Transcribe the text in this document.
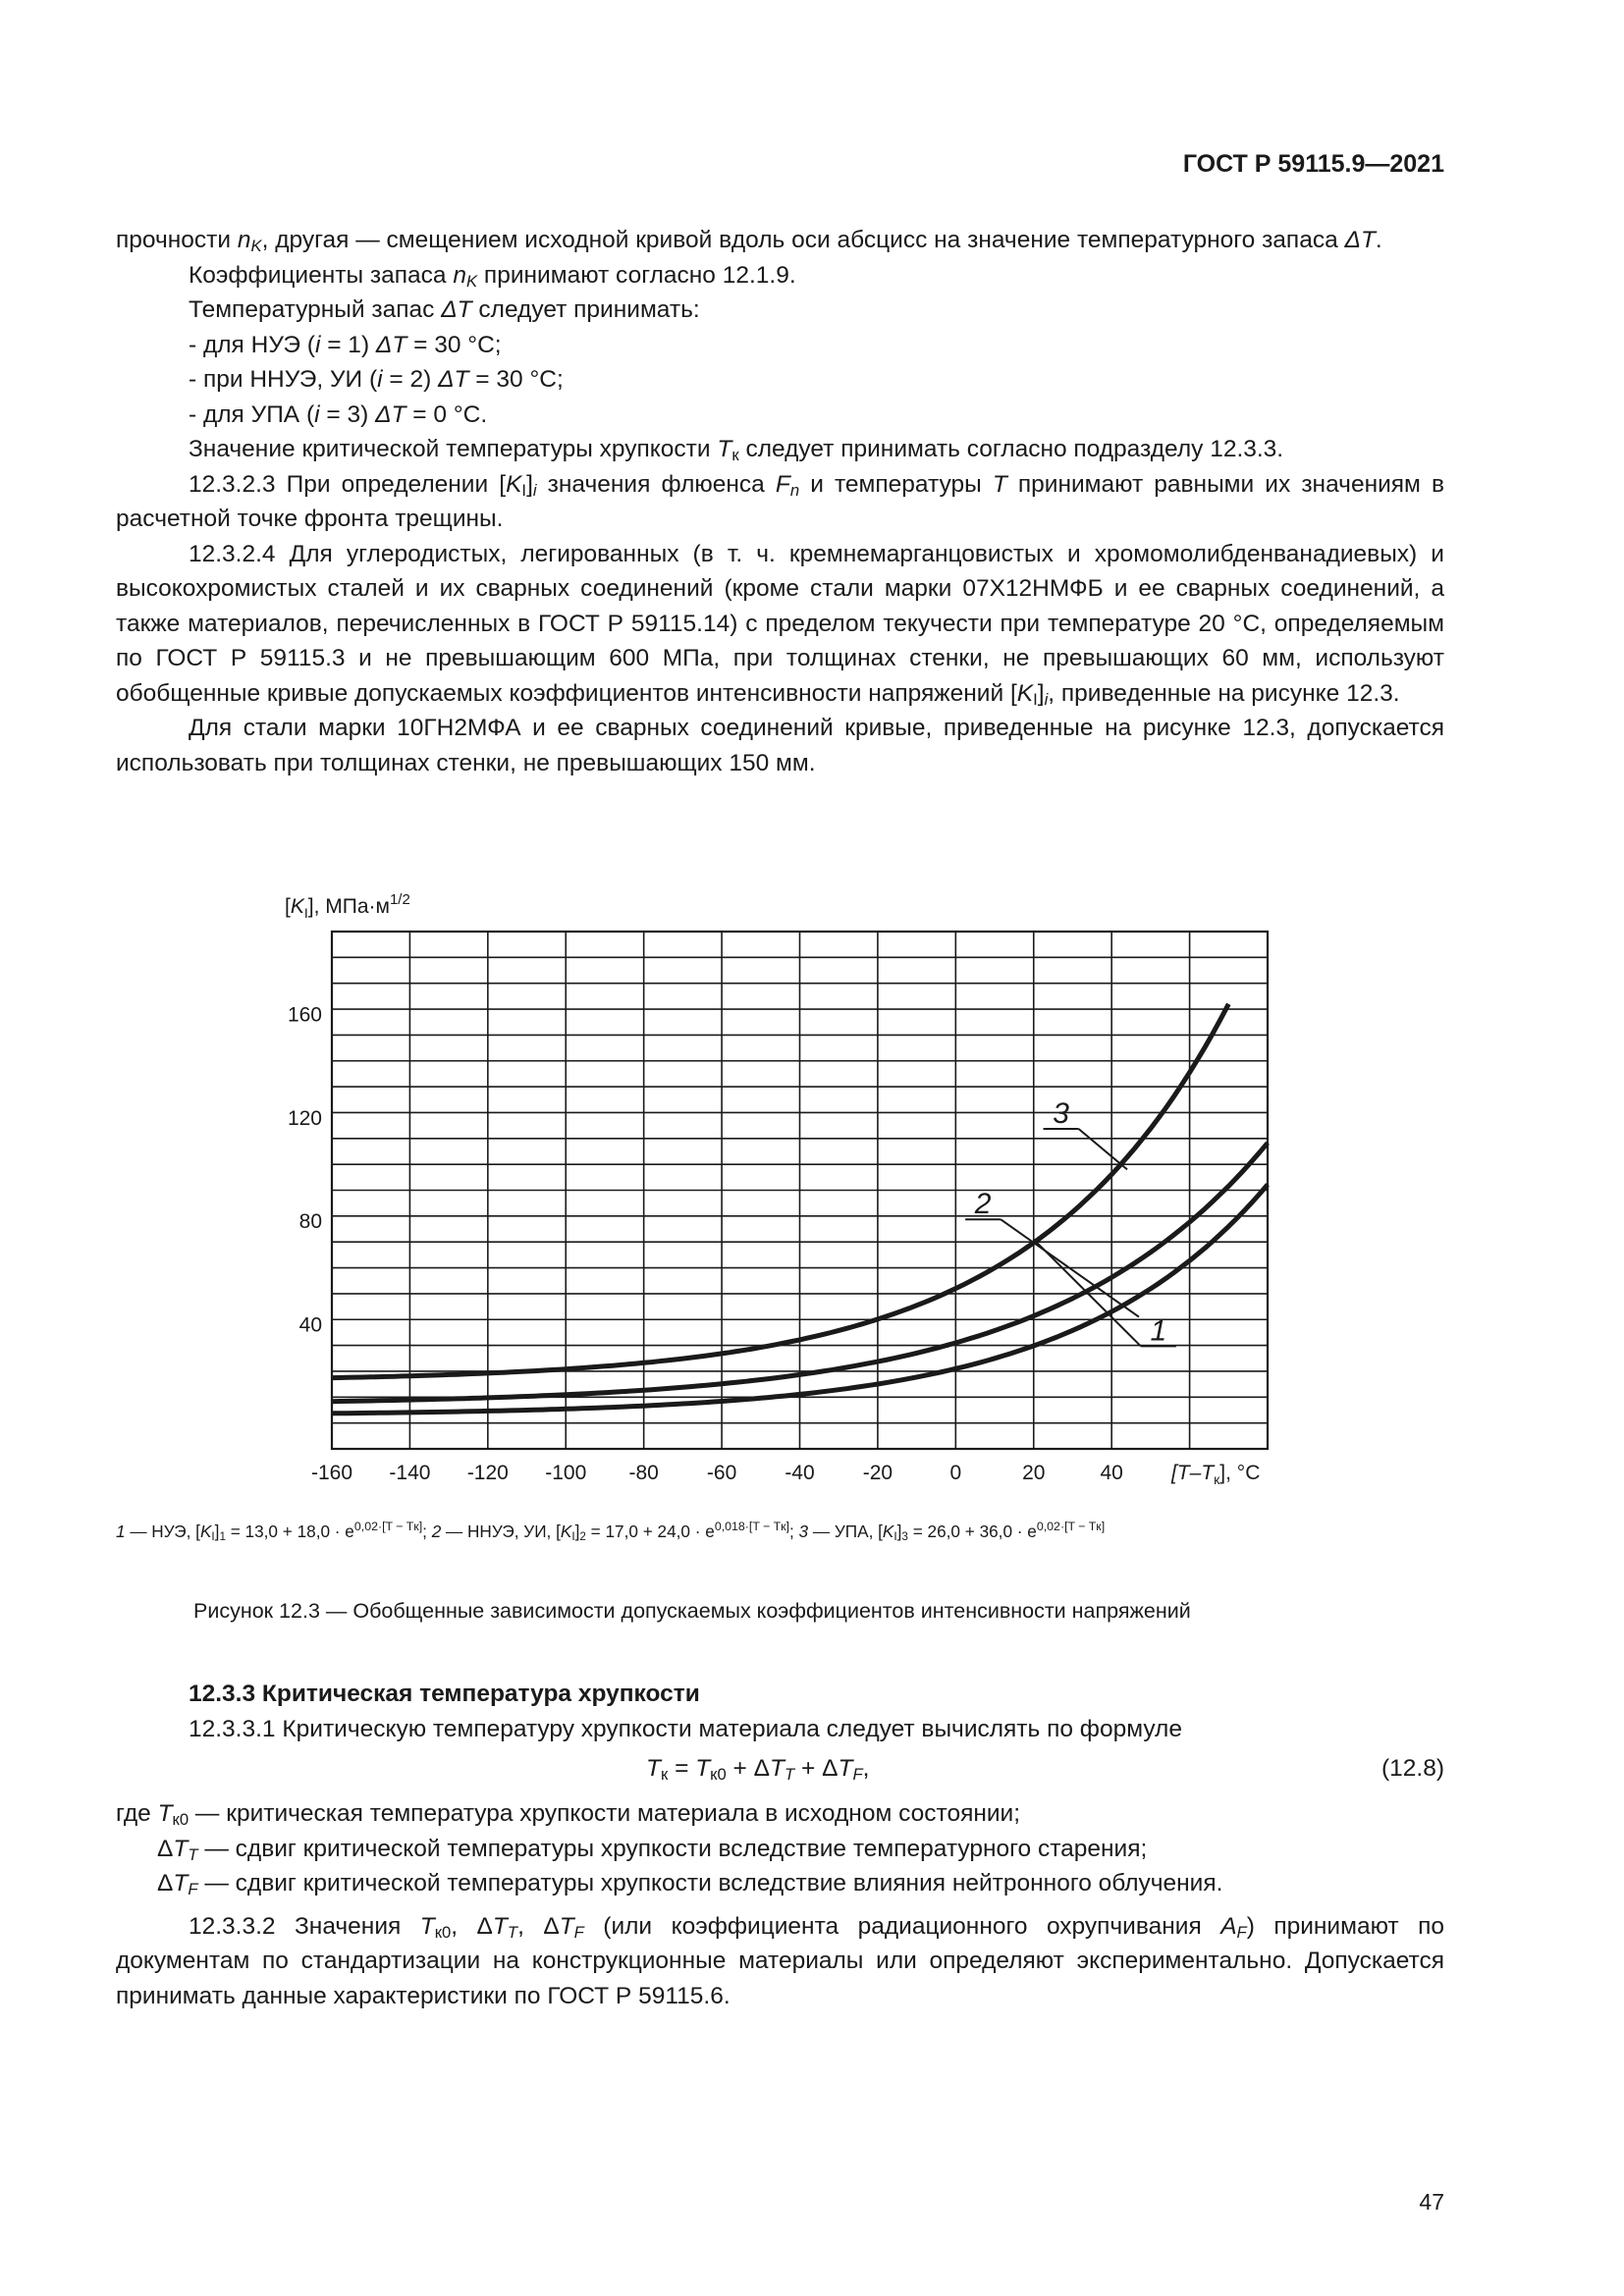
ГОСТ Р 59115.9—2021

прочности $n_K$, другая — смещением исходной кривой вдоль оси абсцисс на значение температурного запаса ΔT.

Коэффициенты запаса $n_K$ принимают согласно 12.1.9.

Температурный запас ΔT следует принимать:

- для НУЭ (i = 1) ΔT = 30 °С;

- при ННУЭ, УИ (i = 2) ΔT = 30 °С;

- для УПА (i = 3) ΔT = 0 °С.

Значение критической температуры хрупкости $T_к$ следует принимать согласно подразделу 12.3.3.

12.3.2.3 При определении $[K_I]_i$ значения флюенса $F_n$ и температуры T принимают равными их значениям в расчетной точке фронта трещины.

12.3.2.4 Для углеродистых, легированных (в т. ч. кремнемарганцовистых и хромомолибденванадиевых) и высокохромистых сталей и их сварных соединений (кроме стали марки 07Х12НМФБ и ее сварных соединений, а также материалов, перечисленных в ГОСТ Р 59115.14) с пределом текучести при температуре 20 °С, определяемым по ГОСТ Р 59115.3 и не превышающим 600 МПа, при толщинах стенки, не превышающих 60 мм, используют обобщенные кривые допускаемых коэффициентов интенсивности напряжений $[K_I]_i$, приведенные на рисунке 12.3.

Для стали марки 10ГН2МФА и ее сварных соединений кривые, приведенные на рисунке 12.3, допускается использовать при толщинах стенки, не превышающих 150 мм.

$[K_I]$, $МПа\cdot м^{1/2}$
-160 -140 -120 -100 -80 -60 -40 -20	0	20	40
40
80
120
160
$[T-T_к]$, °С
1
2
3
1 — НУЭ, $[K_I]_1 = 13,0 + 18,0 \cdot e^{0,02\cdot[T - Tк]}$; 2 — ННУЭ, УИ, $[K_I]_2 = 17,0 + 24,0 \cdot e^{0,018\cdot[T - Tк]}$; 3 — УПА, $[K_I]_3 = 26,0 + 36,0 \cdot e^{0,02\cdot[T - Tк]}$
Рисунок 12.3 — Обобщенные зависимости допускаемых коэффициентов интенсивности напряжений

12.3.3 Критическая температура хрупкости

12.3.3.1 Критическую температуру хрупкости материала следует вычислять по формуле

$T_к = T_{к0} + \Delta T_T + \Delta T_F$,	(12.8)

где $T_{к0}$ — критическая температура хрупкости материала в исходном состоянии;

$\Delta T_T$ — сдвиг критической температуры хрупкости вследствие температурного старения;

$\Delta T_F$ — сдвиг критической температуры хрупкости вследствие влияния нейтронного облучения.

12.3.3.2 Значения $T_{к0}$, $\Delta T_T$, $\Delta T_F$ (или коэффициента радиационного охрупчивания $A_F$) принимают по документам по стандартизации на конструкционные материалы или определяют экспериментально. Допускается принимать данные характеристики по ГОСТ Р 59115.6.

47
